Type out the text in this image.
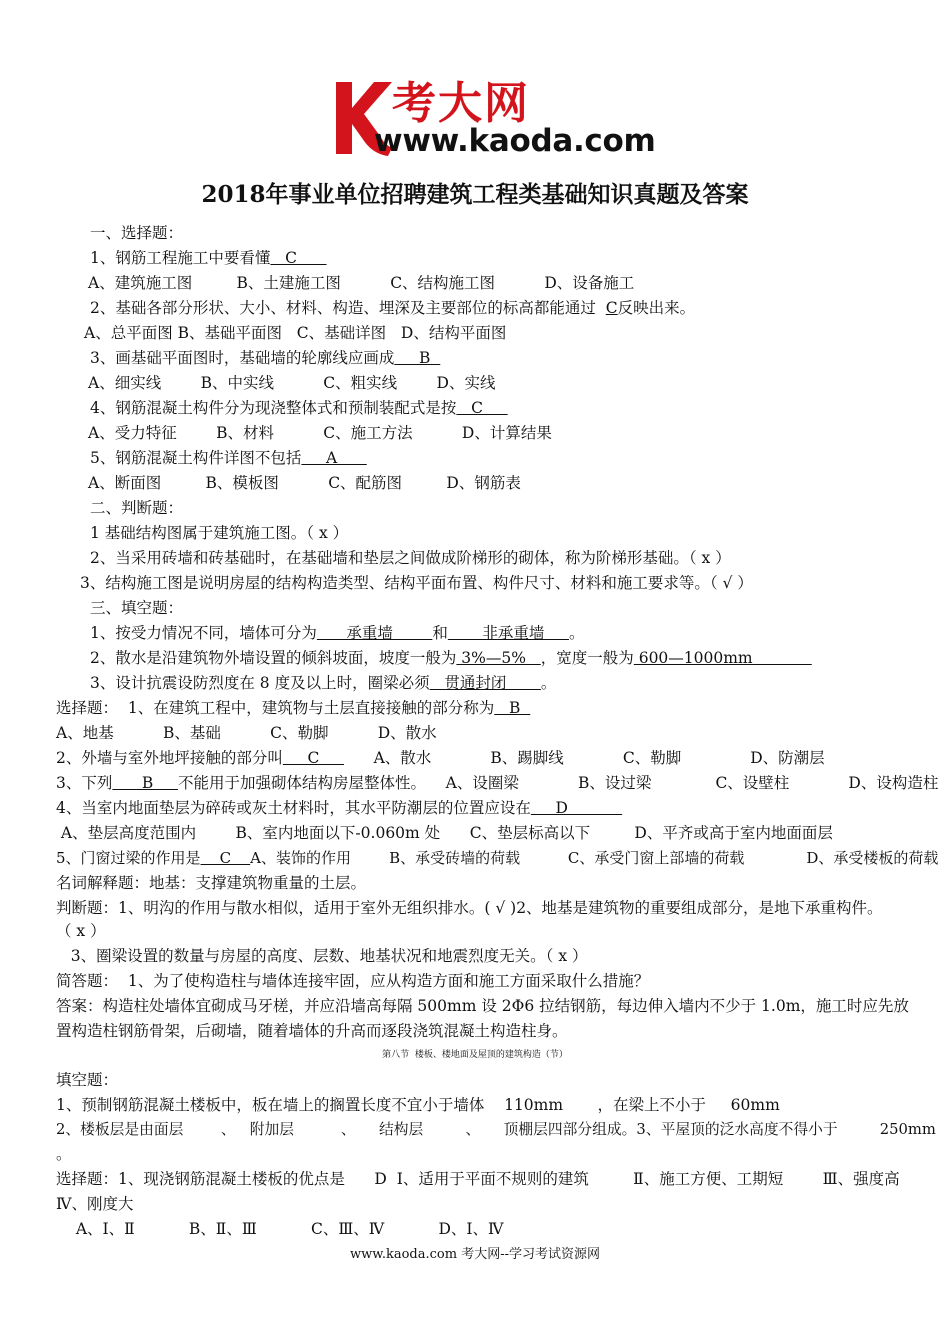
考大网
www.kaoda.com
2018年事业单位招聘建筑工程类基础知识真题及答案
一、选择题：
1、钢筋工程施工中要看懂   C
A、建筑施工图         B、土建施工图          C、结构施工图          D、设备施工
2、基础各部分形状、大小、材料、构造、埋深及主要部位的标高都能通过  C反映出来。
A、总平面图 B、基础平面图   C、基础详图   D、结构平面图
3、画基础平面图时，基础墙的轮廓线应画成     B
A、细实线        B、中实线          C、粗实线        D、实线
4、钢筋混凝土构件分为现浇整体式和预制装配式是按   C
A、受力特征        B、材料          C、施工方法          D、计算结果
5、钢筋混凝土构件详图不包括     A
A、断面图         B、模板图          C、配筋图         D、钢筋表
二、判断题：
1 基础结构图属于建筑施工图。（ x ）
2、当采用砖墙和砖基础时，在基础墙和垫层之间做成阶梯形的砌体，称为阶梯形基础。（ x ）
3、结构施工图是说明房屋的结构构造类型、结构平面布置、构件尺寸、材料和施工要求等。（ √ ）
三、填空题：
1、按受力情况不同，墙体可分为      承重墙        和       非承重墙     。
2、散水是沿建筑物外墙设置的倾斜坡面，坡度一般为 3%—5%   ，宽度一般为 600—1000mm
3、设计抗震设防烈度在 8 度及以上时，圈梁必须   贯通封闭       。
选择题：  1、在建筑工程中，建筑物与土层直接接触的部分称为   B
A、地基          B、基础          C、勒脚          D、散水
2、外墙与室外地坪接触的部分叫     C           A、散水            B、踢脚线            C、勒脚              D、防潮层
3、下列      B     不能用于加强砌体结构房屋整体性。    A、设圈梁            B、设过梁             C、设壁柱            D、设构造柱
4、当室内地面垫层为碎砖或灰土材料时，其水平防潮层的位置应设在     D
A、垫层高度范围内        B、室内地面以下-0.060m 处      C、垫层标高以下         D、平齐或高于室内地面面层
5、门窗过梁的作用是    C    A、装饰的作用        B、承受砖墙的荷载          C、承受门窗上部墙的荷载             D、承受楼板的荷载
名词解释题：地基：支撑建筑物重量的土层。
判断题：1、明沟的作用与散水相似，适用于室外无组织排水。( √ )2、地基是建筑物的重要组成部分，是地下承重构件。
（ x ）
3、圈梁设置的数量与房屋的高度、层数、地基状况和地震烈度无关。（ x ）
简答题：  1、为了使构造柱与墙体连接牢固，应从构造方面和施工方面采取什么措施？
答案：构造柱处墙体宜砌成马牙槎，并应沿墙高每隔 500mm 设 2Φ6 拉结钢筋，每边伸入墙内不少于 1.0m，施工时应先放
置构造柱钢筋骨架，后砌墙，随着墙体的升高而逐段浇筑混凝土构造柱身。
第八节  楼板、楼地面及屋顶的建筑构造（节）
填空题：
1、预制钢筋混凝土楼板中，板在墙上的搁置长度不宜小于墙体    110mm       ，在梁上不小于     60mm
2、楼板层是由面层        、   附加层          、     结构层         、     顶棚层四部分组成。3、平屋顶的泛水高度不得小于         250mm
。
选择题：1、现浇钢筋混凝土楼板的优点是      D  Ⅰ、适用于平面不规则的建筑         Ⅱ、施工方便、工期短        Ⅲ、强度高
Ⅳ、刚度大
A、Ⅰ、Ⅱ           B、Ⅱ、Ⅲ           C、Ⅲ、Ⅳ           D、Ⅰ、Ⅳ
www.kaoda.com 考大网--学习考试资源网
